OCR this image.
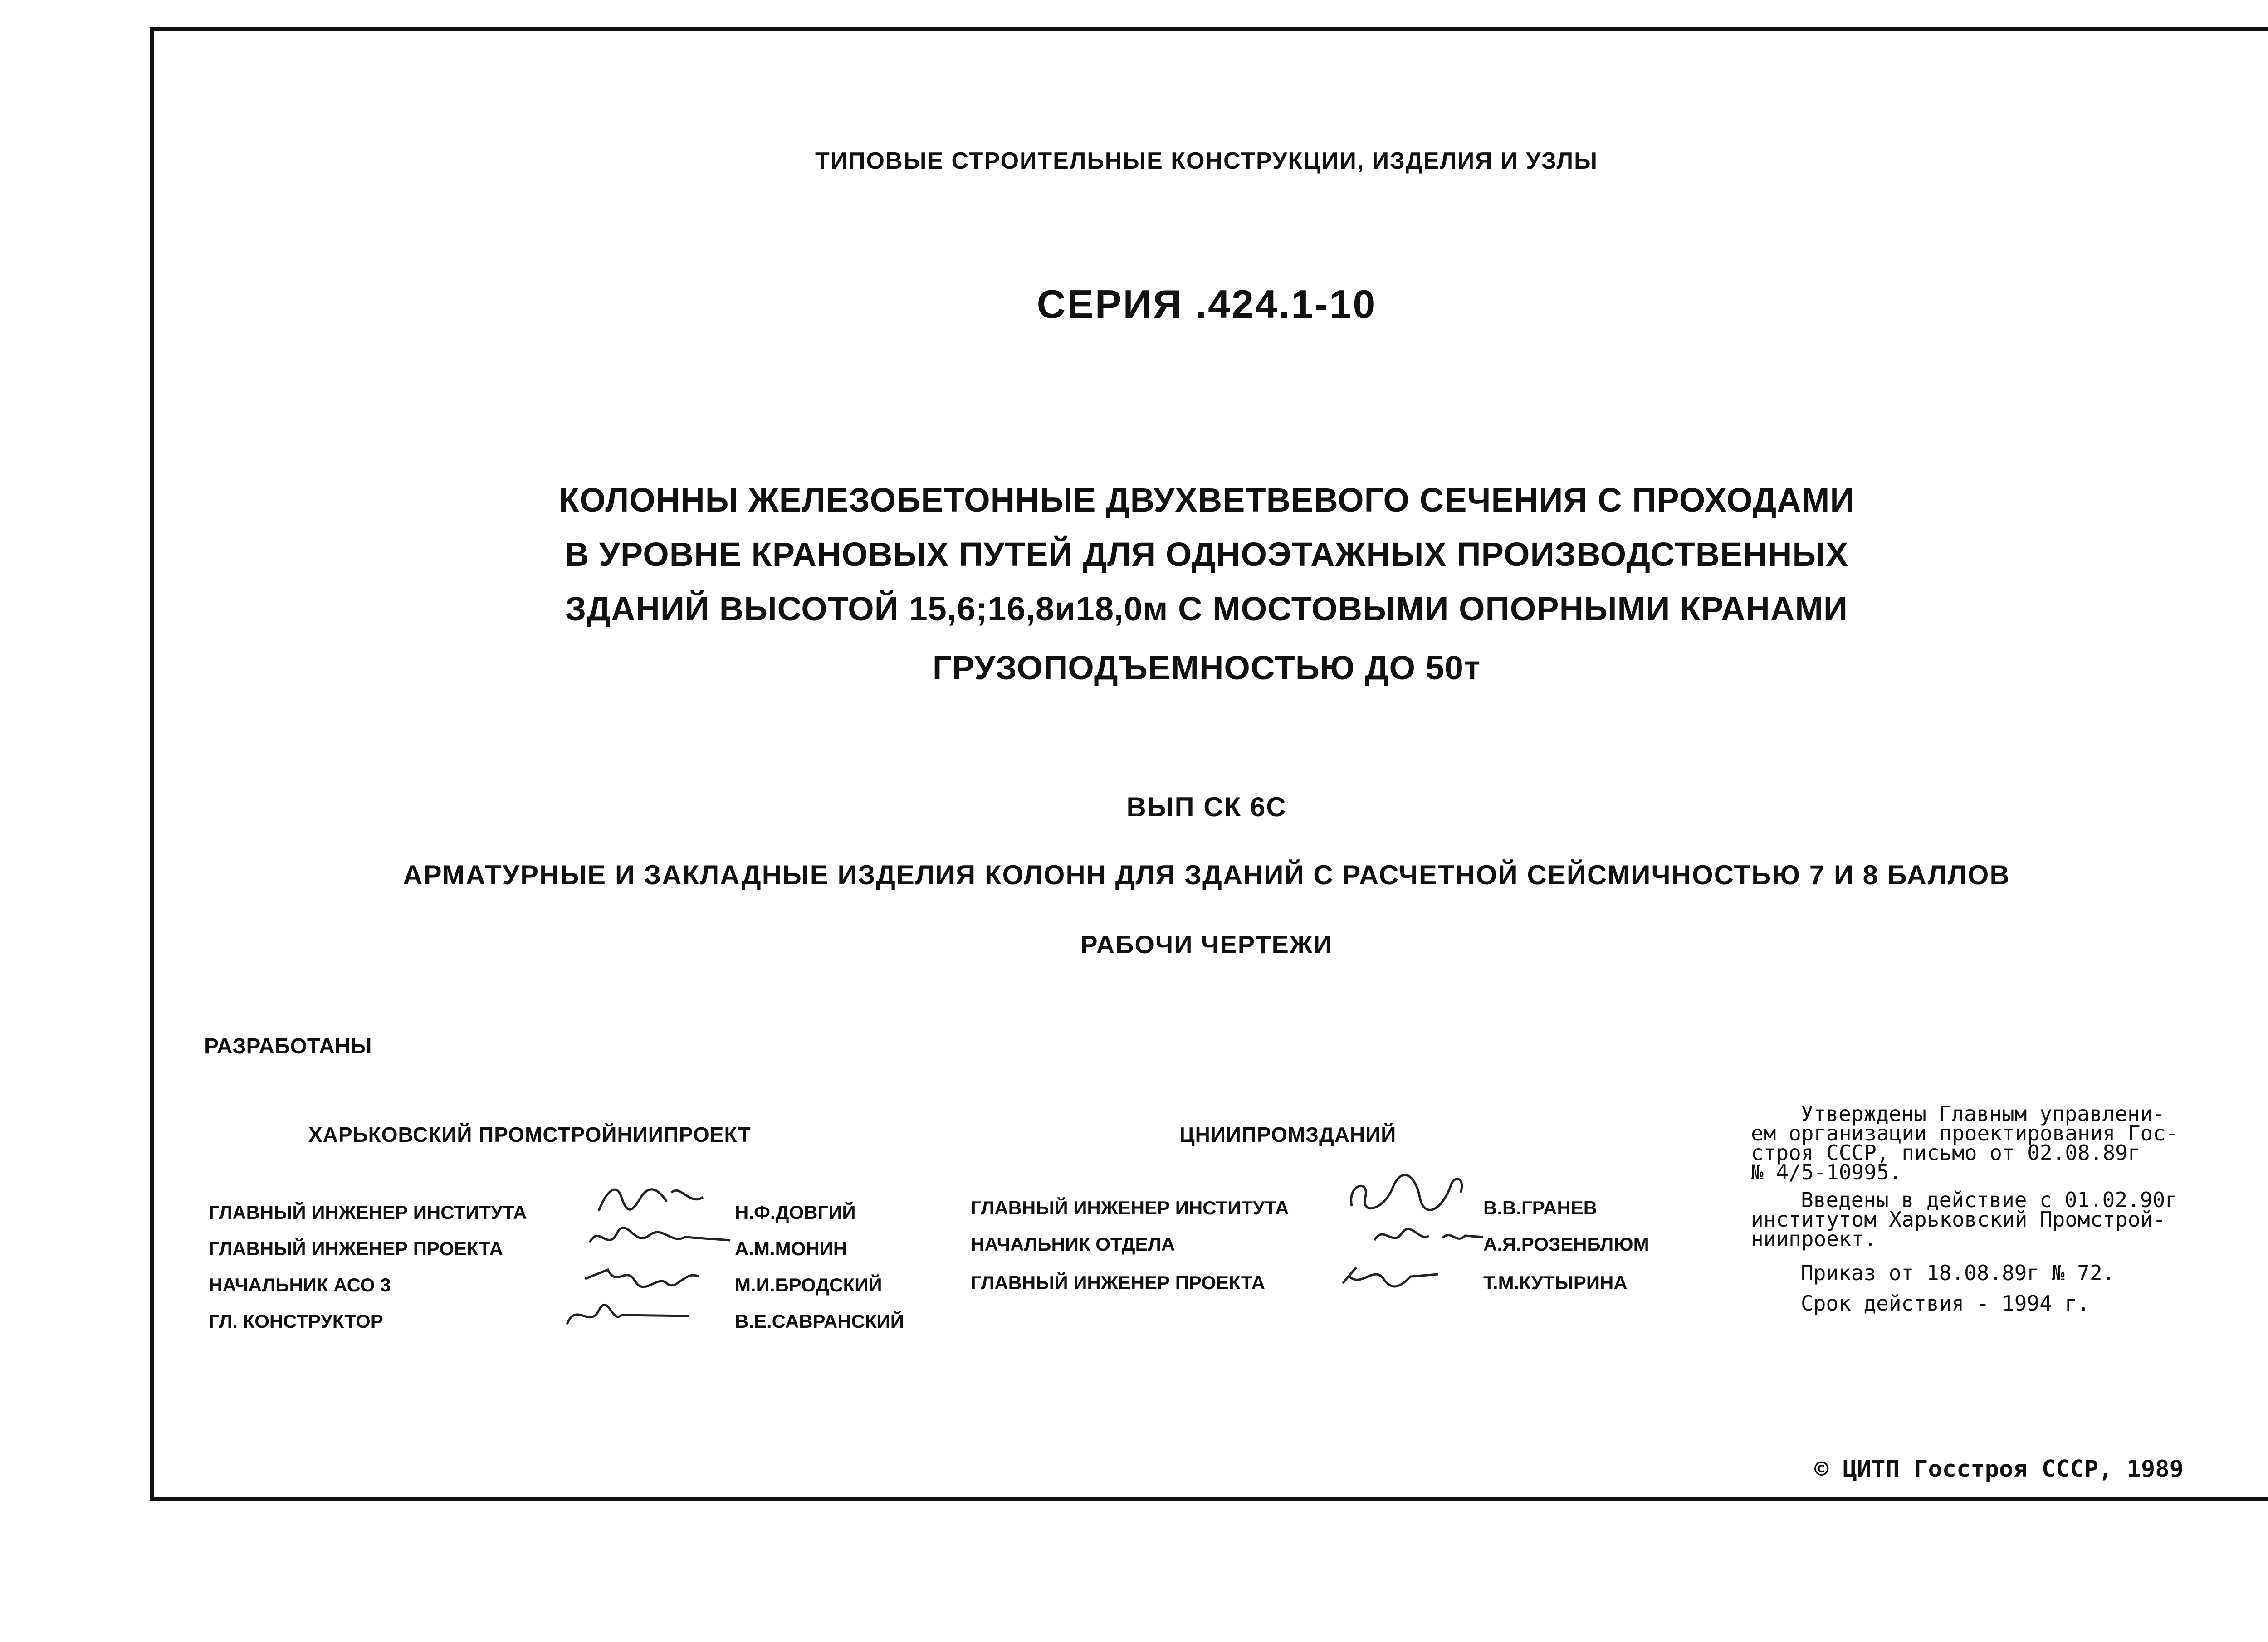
ТИПОВЫЕ СТРОИТЕЛЬНЫЕ КОНСТРУКЦИИ, ИЗДЕЛИЯ И УЗЛЫ
СЕРИЯ .424.1-10
КОЛОННЫ ЖЕЛЕЗОБЕТОННЫЕ ДВУХВЕТВЕВОГО СЕЧЕНИЯ С ПРОХОДАМИ
В УРОВНЕ КРАНОВЫХ ПУТЕЙ ДЛЯ ОДНОЭТАЖНЫХ ПРОИЗВОДСТВЕННЫХ
ЗДАНИЙ ВЫСОТОЙ 15,6;16,8и18,0м С МОСТОВЫМИ ОПОРНЫМИ КРАНАМИ
ГРУЗОПОДЪЕМНОСТЬЮ ДО 50т
ВЫП СК 6С
АРМАТУРНЫЕ И ЗАКЛАДНЫЕ ИЗДЕЛИЯ КОЛОНН ДЛЯ ЗДАНИЙ С РАСЧЕТНОЙ СЕЙСМИЧНОСТЬЮ 7 И 8 БАЛЛОВ
РАБОЧИ ЧЕРТЕЖИ
РАЗРАБОТАНЫ
ХАРЬКОВСКИЙ ПРОМСТРОЙНИИПРОЕКТ
ГЛАВНЫЙ ИНЖЕНЕР ИНСТИТУТА	Н.Ф.ДОВГИЙ
ГЛАВНЫЙ ИНЖЕНЕР ПРОЕКТА	А.М.МОНИН
НАЧАЛЬНИК АСО 3	М.И.БРОДСКИЙ
ГЛ. КОНСТРУКТОР	В.Е.САВРАНСКИЙ
ЦНИИПРОМЗДАНИЙ
ГЛАВНЫЙ ИНЖЕНЕР ИНСТИТУТА	В.В.ГРАНЕВ
НАЧАЛЬНИК ОТДЕЛА	А.Я.РОЗЕНБЛЮМ
ГЛАВНЫЙ ИНЖЕНЕР ПРОЕКТА	Т.М.КУТЫРИНА
Утверждены Главным управлени-
ем организации проектирования Гос-
строя СССР, письмо от 02.08.89г
№ 4/5-10995.
Введены в действие с 01.02.90г
институтом Харьковский Промстрой-
ниипроект.
Приказ от 18.08.89г № 72.
Срок действия - 1994 г.
© ЦИТП Госстроя СССР, 1989
